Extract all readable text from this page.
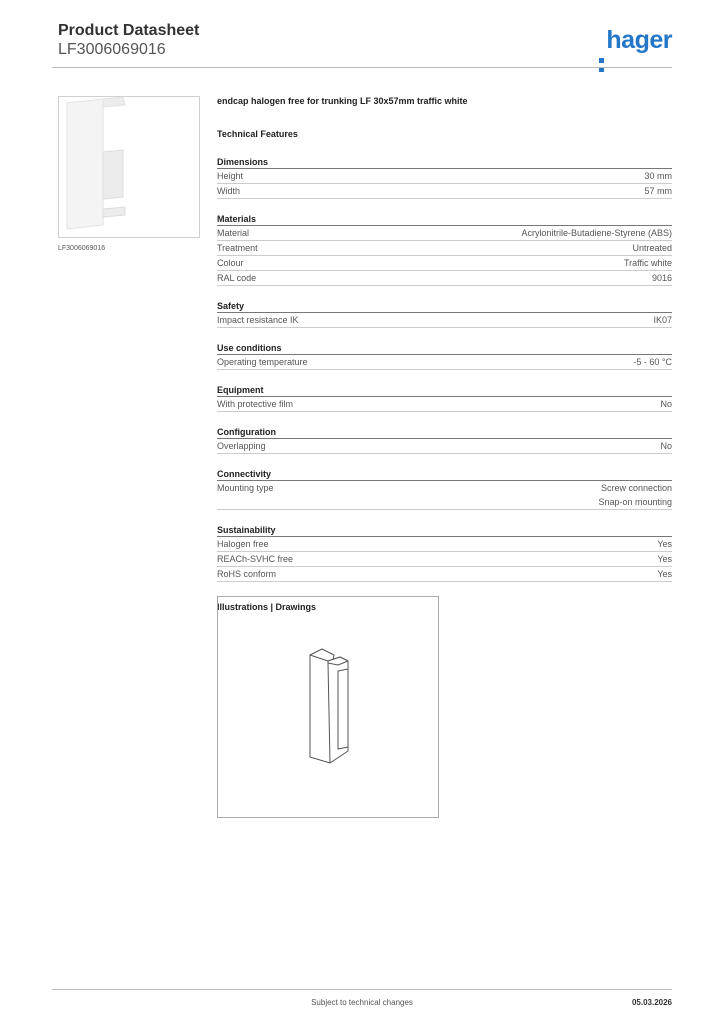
Product Datasheet
LF3006069016	hager
LF3006069016
endcap halogen free for trunking LF 30x57mm traffic white
Technical Features
Dimensions
Height	30 mm
Width	57 mm
Materials
Material	Acrylonitrile-Butadiene-Styrene (ABS)
Treatment	Untreated
Colour	Traffic white
RAL code	9016
Safety
Impact resistance IK	IK07
Use conditions
Operating temperature	-5 - 60 °C
Equipment
With protective film	No
Configuration
Overlapping	No
Connectivity
Mounting type	Screw connection
Snap-on mounting
Sustainability
Halogen free	Yes
REACh-SVHC free	Yes
RoHS conform	Yes
Illustrations | Drawings
Subject to technical changes	05.03.2026
